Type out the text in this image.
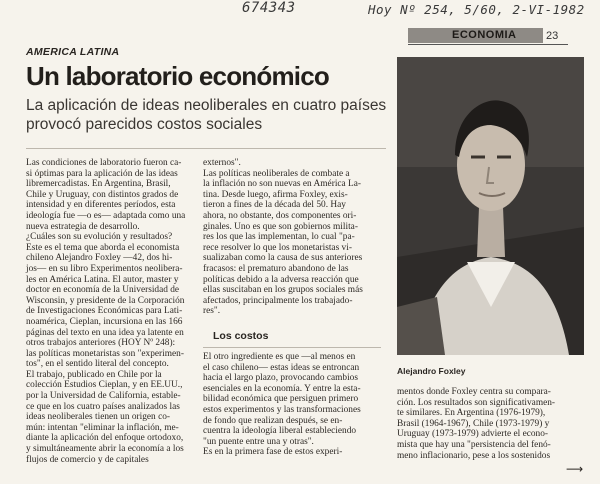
674343	Hoy Nº 254, 5/60, 2-VI-1982
ECONOMIA	23
AMERICA LATINA
Un laboratorio económico
La aplicación de ideas neoliberales en cuatro países
provocó parecidos costos sociales
Las condiciones de laboratorio fueron ca-
si óptimas para la aplicación de las ideas
libremercadistas. En Argentina, Brasil,
Chile y Uruguay, con distintos grados de
intensidad y en diferentes períodos, esta
ideología fue —o es— adaptada como una
nueva estrategia de desarrollo.
¿Cuáles son su evolución y resultados?
Este es el tema que aborda el economista
chileno Alejandro Foxley —42, dos hi-
jos— en su libro Experimentos neolibera-
les en América Latina. El autor, master y
doctor en economía de la Universidad de
Wisconsin, y presidente de la Corporación
de Investigaciones Económicas para Lati-
noamérica, Cieplan, incursiona en las 166
páginas del texto en una idea ya latente en
otros trabajos anteriores (HOY Nº 248):
las políticas monetaristas son "experimen-
tos", en el sentido literal del concepto.
El trabajo, publicado en Chile por la
colección Estudios Cieplan, y en EE.UU.,
por la Universidad de California, estable-
ce que en los cuatro países analizados las
ideas neoliberales tienen un origen co-
mún: intentan "eliminar la inflación, me-
diante la aplicación del enfoque ortodoxo,
y simultáneamente abrir la economía a los
flujos de comercio y de capitales
externos".
Las políticas neoliberales de combate a
la inflación no son nuevas en América La-
tina. Desde luego, afirma Foxley, exis-
tieron a fines de la década del 50. Hay
ahora, no obstante, dos componentes ori-
ginales. Uno es que son gobiernos milita-
res los que las implementan, lo cual "pa-
rece resolver lo que los monetaristas vi-
sualizaban como la causa de sus anteriores
fracasos: el prematuro abandono de las
políticas debido a la adversa reacción que
ellas suscitaban en los grupos sociales más
afectados, principalmente los trabajado-
res".
Los costos
El otro ingrediente es que —al menos en
el caso chileno— estas ideas se entroncan
hacia el largo plazo, provocando cambios
esenciales en la economía. Y entre la esta-
bilidad económica que persiguen primero
estos experimentos y las transformaciones
de fondo que realizan después, se en-
cuentra la ideología liberal estableciendo
"un puente entre una y otras".
Es en la primera fase de estos experi-
Alejandro Foxley
mentos donde Foxley centra su compara-
ción. Los resultados son significativamen-
te similares. En Argentina (1976-1979),
Brasil (1964-1967), Chile (1973-1979) y
Uruguay (1973-1979) advierte el econo-
mista que hay una "persistencia del fenó-
meno inflacionario, pese a los sostenidos
⟶
